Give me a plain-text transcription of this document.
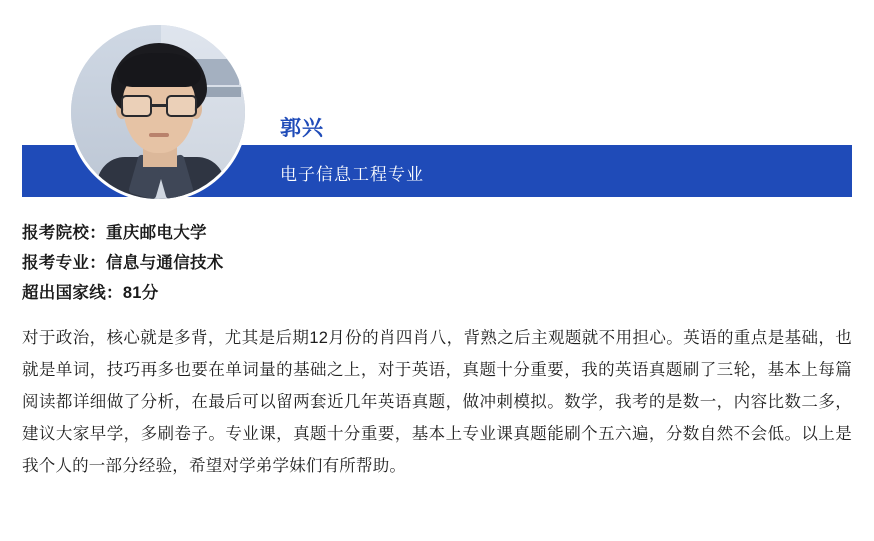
郭兴
电子信息工程专业
报考院校：重庆邮电大学
报考专业：信息与通信技术
超出国家线：81分
对于政治，核心就是多背，尤其是后期12月份的肖四肖八，背熟之后主观题就不用担心。英语的重点是基础，也就是单词，技巧再多也要在单词量的基础之上，对于英语，真题十分重要，我的英语真题刷了三轮，基本上每篇阅读都详细做了分析，在最后可以留两套近几年英语真题，做冲刺模拟。数学，我考的是数一，内容比数二多，建议大家早学，多刷卷子。专业课，真题十分重要，基本上专业课真题能刷个五六遍，分数自然不会低。以上是我个人的一部分经验，希望对学弟学妹们有所帮助。
